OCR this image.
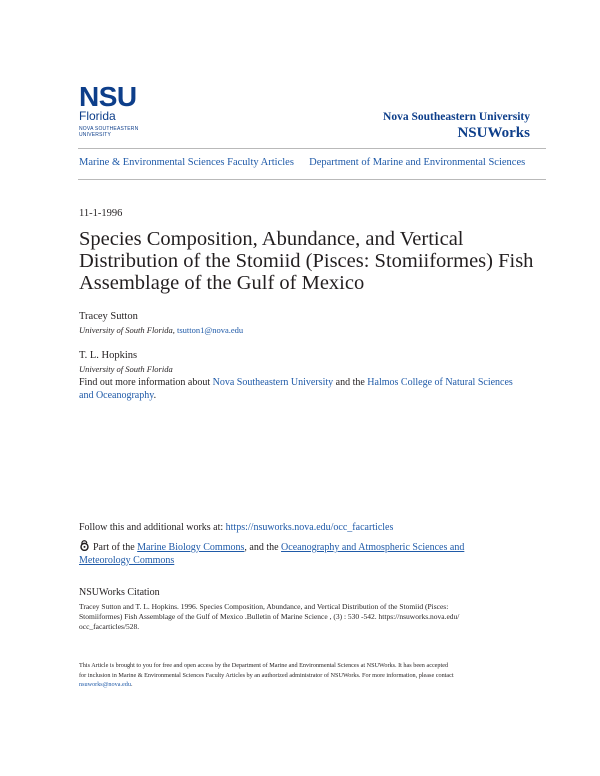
NSU
Florida
NOVA SOUTHEASTERN
UNIVERSITY
Nova Southeastern University
NSUWorks
Marine & Environmental Sciences Faculty Articles Department of Marine and Environmental Sciences
11-1-1996
Species Composition, Abundance, and Vertical Distribution of the Stomiid (Pisces: Stomiiformes) Fish Assemblage of the Gulf of Mexico
Tracey Sutton
University of South Florida, tsutton1@nova.edu
T. L. Hopkins
University of South Florida
Find out more information about Nova Southeastern University and the Halmos College of Natural Sciences
and Oceanography.
Follow this and additional works at: https://nsuworks.nova.edu/occ_facarticles
Part of the Marine Biology Commons, and the Oceanography and Atmospheric Sciences and
Meteorology Commons
NSUWorks Citation
Tracey Sutton and T. L. Hopkins. 1996. Species Composition, Abundance, and Vertical Distribution of the Stomiid (Pisces:
Stomiiformes) Fish Assemblage of the Gulf of Mexico .Bulletin of Marine Science , (3) : 530 -542. https://nsuworks.nova.edu/
occ_facarticles/528.
This Article is brought to you for free and open access by the Department of Marine and Environmental Sciences at NSUWorks. It has been accepted
for inclusion in Marine & Environmental Sciences Faculty Articles by an authorized administrator of NSUWorks. For more information, please contact
nsuworks@nova.edu.
